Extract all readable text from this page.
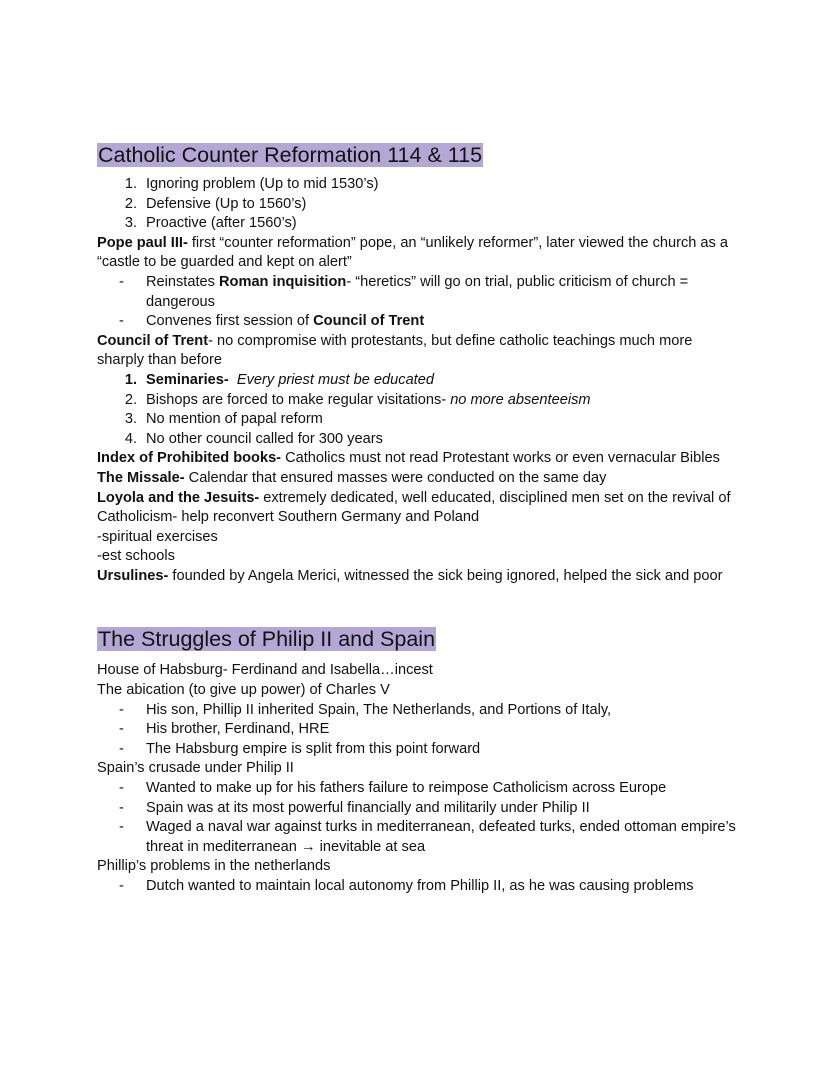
Catholic Counter Reformation 114 & 115
1. Ignoring problem (Up to mid 1530’s)
2. Defensive (Up to 1560’s)
3. Proactive (after 1560’s)

Pope paul III- first “counter reformation” pope, an “unlikely reformer”, later viewed the church as a “castle to be guarded and kept on alert”

-	Reinstates Roman inquisition- “heretics” will go on trial, public criticism of church = dangerous
-	Convenes first session of Council of Trent

Council of Trent- no compromise with protestants, but define catholic teachings much more sharply than before

1. Seminaries- Every priest must be educated
2. Bishops are forced to make regular visitations- no more absenteeism
3. No mention of papal reform
4. No other council called for 300 years

Index of Prohibited books- Catholics must not read Protestant works or even vernacular Bibles

The Missale- Calendar that ensured masses were conducted on the same day

Loyola and the Jesuits- extremely dedicated, well educated, disciplined men set on the revival of Catholicism- help reconvert Southern Germany and Poland

-spiritual exercises

-est schools

Ursulines- founded by Angela Merici, witnessed the sick being ignored, helped the sick and poor

The Struggles of Philip II and Spain

House of Habsburg- Ferdinand and Isabella…incest

The abication (to give up power) of Charles V

-	His son, Phillip II inherited Spain, The Netherlands, and Portions of Italy,
-	His brother, Ferdinand, HRE
-	The Habsburg empire is split from this point forward

Spain’s crusade under Philip II

-	Wanted to make up for his fathers failure to reimpose Catholicism across Europe
-	Spain was at its most powerful financially and militarily under Philip II
-	Waged a naval war against turks in mediterranean, defeated turks, ended ottoman empire’s threat in mediterranean → inevitable at sea

Phillip’s problems in the netherlands

-	Dutch wanted to maintain local autonomy from Phillip II, as he was causing problems
